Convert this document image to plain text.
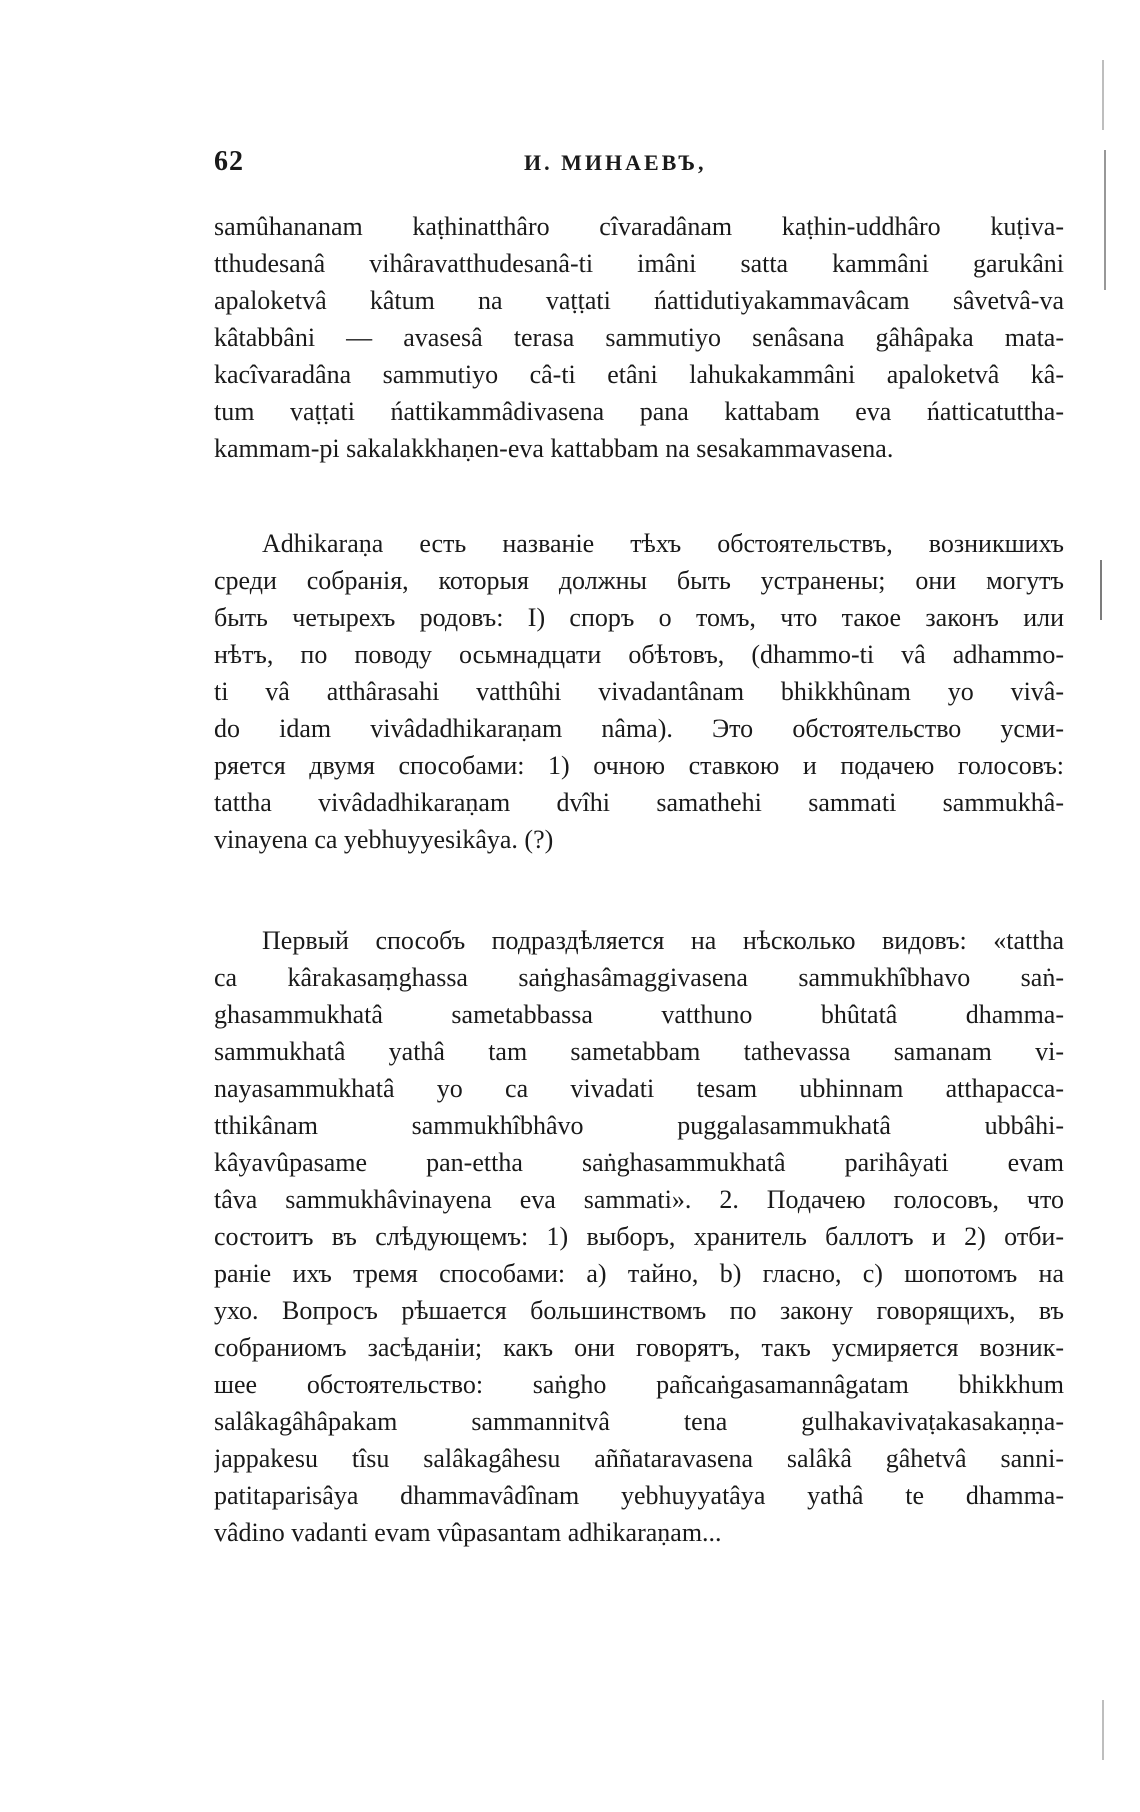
62	И. МИНАЕВЪ,
samûhananam kaṭhinatthâro cîvaradânam kaṭhin-uddhâro kuṭiva-
tthudesanâ vihâravatthudesanâ-ti imâni satta kammâni garukâni
apaloketvâ kâtum na vaṭṭati ńattidutiyakammavâcam sâvetvâ-va
kâtabbâni — avasesâ terasa sammutiyo senâsana gâhâpaka mata-
kacîvaradâna sammutiyo câ-ti etâni lahukakammâni apaloketvâ kâ-
tum vaṭṭati ńattikammâdivasena pana kattabam eva ńatticatuttha-
kammam-pi sakalakkhaṇen-eva kattabbam na sesakammavasena.
Adhikaraṇa есть названіе тѣхъ обстоятельствъ, возникшихъ
среди собранія, которыя должны быть устранены; они могутъ
быть четырехъ родовъ: I) споръ о томъ, что такое законъ или
нѣтъ, по поводу осьмнадцати обѣтовъ, (dhammo-ti vâ adhammo-
ti vâ atthârasahi vatthûhi vivadantânam bhikkhûnam yo vivâ-
do idam vivâdadhikaraṇam nâma). Это обстоятельство усми-
ряется двумя способами: 1) очною ставкою и подачею голосовъ:
tattha vivâdadhikaraṇam dvîhi samathehi sammati sammukhâ-
vinayena ca yebhuyyesikâya. (?)
Первый способъ подраздѣляется на нѣсколько видовъ: «tattha
ca kârakasaṃghassa saṅghasâmaggivasena sammukhîbhavo saṅ-
ghasammukhatâ sametabbassa vatthuno bhûtatâ dhamma-
sammukhatâ yathâ tam sametabbam tathevassa samanam vi-
nayasammukhatâ yo ca vivadati tesam ubhinnam atthapacca-
tthikânam sammukhîbhâvo puggalasammukhatâ ubbâhi-
kâyavûpasame pan-ettha saṅghasammukhatâ parihâyati evam
tâva sammukhâvinayena eva sammati». 2. Подачею голосовъ, что
состоитъ въ слѣдующемъ: 1) выборъ, хранитель баллотъ и 2) отби-
раніе ихъ тремя способами: a) тайно, b) гласно, c) шопотомъ на
ухо. Вопросъ рѣшается большинствомъ по закону говорящихъ, въ
собраниомъ засѣданіи; какъ они говорятъ, такъ усмиряется возник-
шее обстоятельство: saṅgho pañcaṅgasamannâgatam bhikkhum
salâkagâhâpakam sammannitvâ tena gulhakavivaṭakasakaṇṇa-
jappakesu tîsu salâkagâhesu aññataravasena salâkâ gâhetvâ sanni-
patitaparisâya dhammavâdînam yebhuyyatâya yathâ te dhamma-
vâdino vadanti evam vûpasantam adhikaraṇam...
